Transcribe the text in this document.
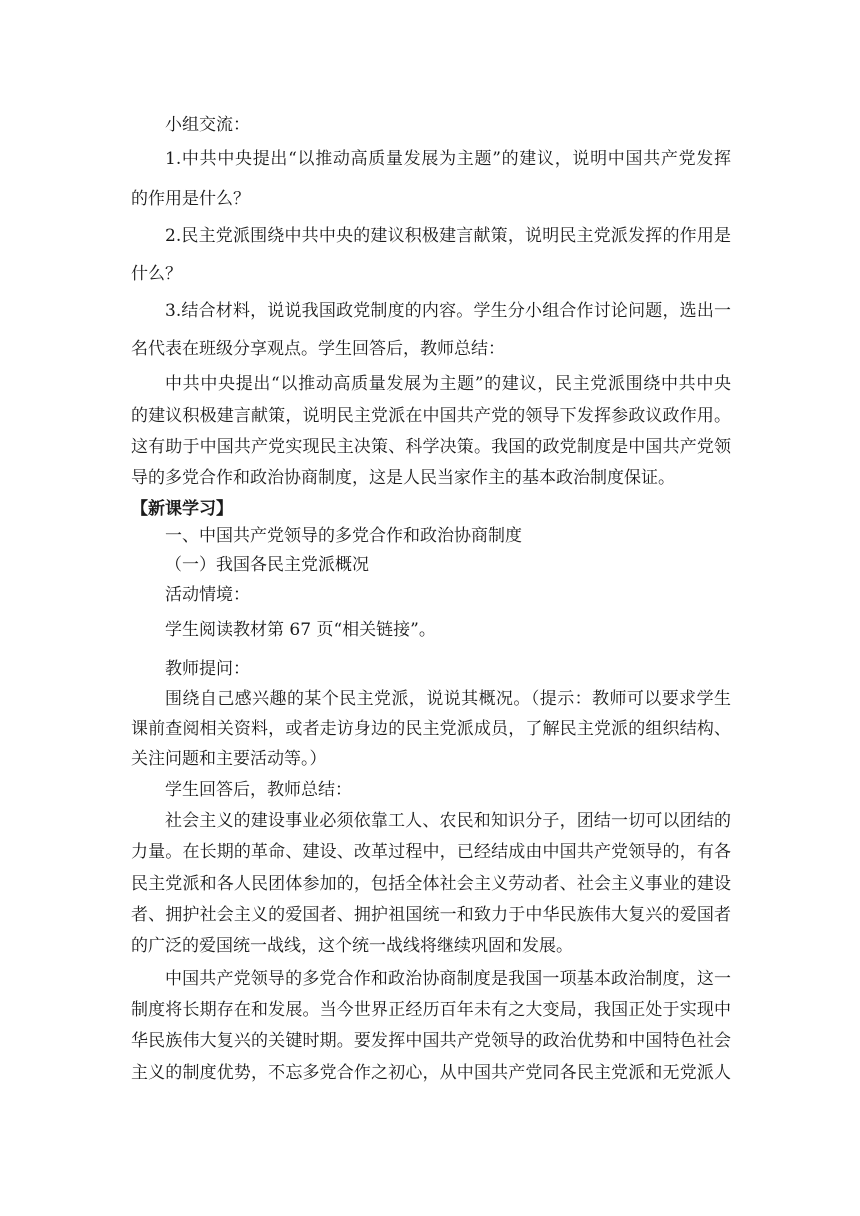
小组交流：
1.中共中央提出“以推动高质量发展为主题”的建议，说明中国共产党发挥
的作用是什么？
2.民主党派围绕中共中央的建议积极建言献策，说明民主党派发挥的作用是
什么？
3.结合材料，说说我国政党制度的内容。学生分小组合作讨论问题，选出一
名代表在班级分享观点。学生回答后，教师总结：
中共中央提出“以推动高质量发展为主题”的建议，民主党派围绕中共中央
的建议积极建言献策，说明民主党派在中国共产党的领导下发挥参政议政作用。
这有助于中国共产党实现民主决策、科学决策。我国的政党制度是中国共产党领
导的多党合作和政治协商制度，这是人民当家作主的基本政治制度保证。
【新课学习】
一、中国共产党领导的多党合作和政治协商制度
（一）我国各民主党派概况
活动情境：
学生阅读教材第 67 页“相关链接”。
教师提问：
围绕自己感兴趣的某个民主党派，说说其概况。（提示：教师可以要求学生
课前查阅相关资料，或者走访身边的民主党派成员，了解民主党派的组织结构、
关注问题和主要活动等。）
学生回答后，教师总结：
社会主义的建设事业必须依靠工人、农民和知识分子，团结一切可以团结的
力量。在长期的革命、建设、改革过程中，已经结成由中国共产党领导的，有各
民主党派和各人民团体参加的，包括全体社会主义劳动者、社会主义事业的建设
者、拥护社会主义的爱国者、拥护祖国统一和致力于中华民族伟大复兴的爱国者
的广泛的爱国统一战线，这个统一战线将继续巩固和发展。
中国共产党领导的多党合作和政治协商制度是我国一项基本政治制度，这一
制度将长期存在和发展。当今世界正经历百年未有之大变局，我国正处于实现中
华民族伟大复兴的关键时期。要发挥中国共产党领导的政治优势和中国特色社会
主义的制度优势，不忘多党合作之初心，从中国共产党同各民主党派和无党派人
